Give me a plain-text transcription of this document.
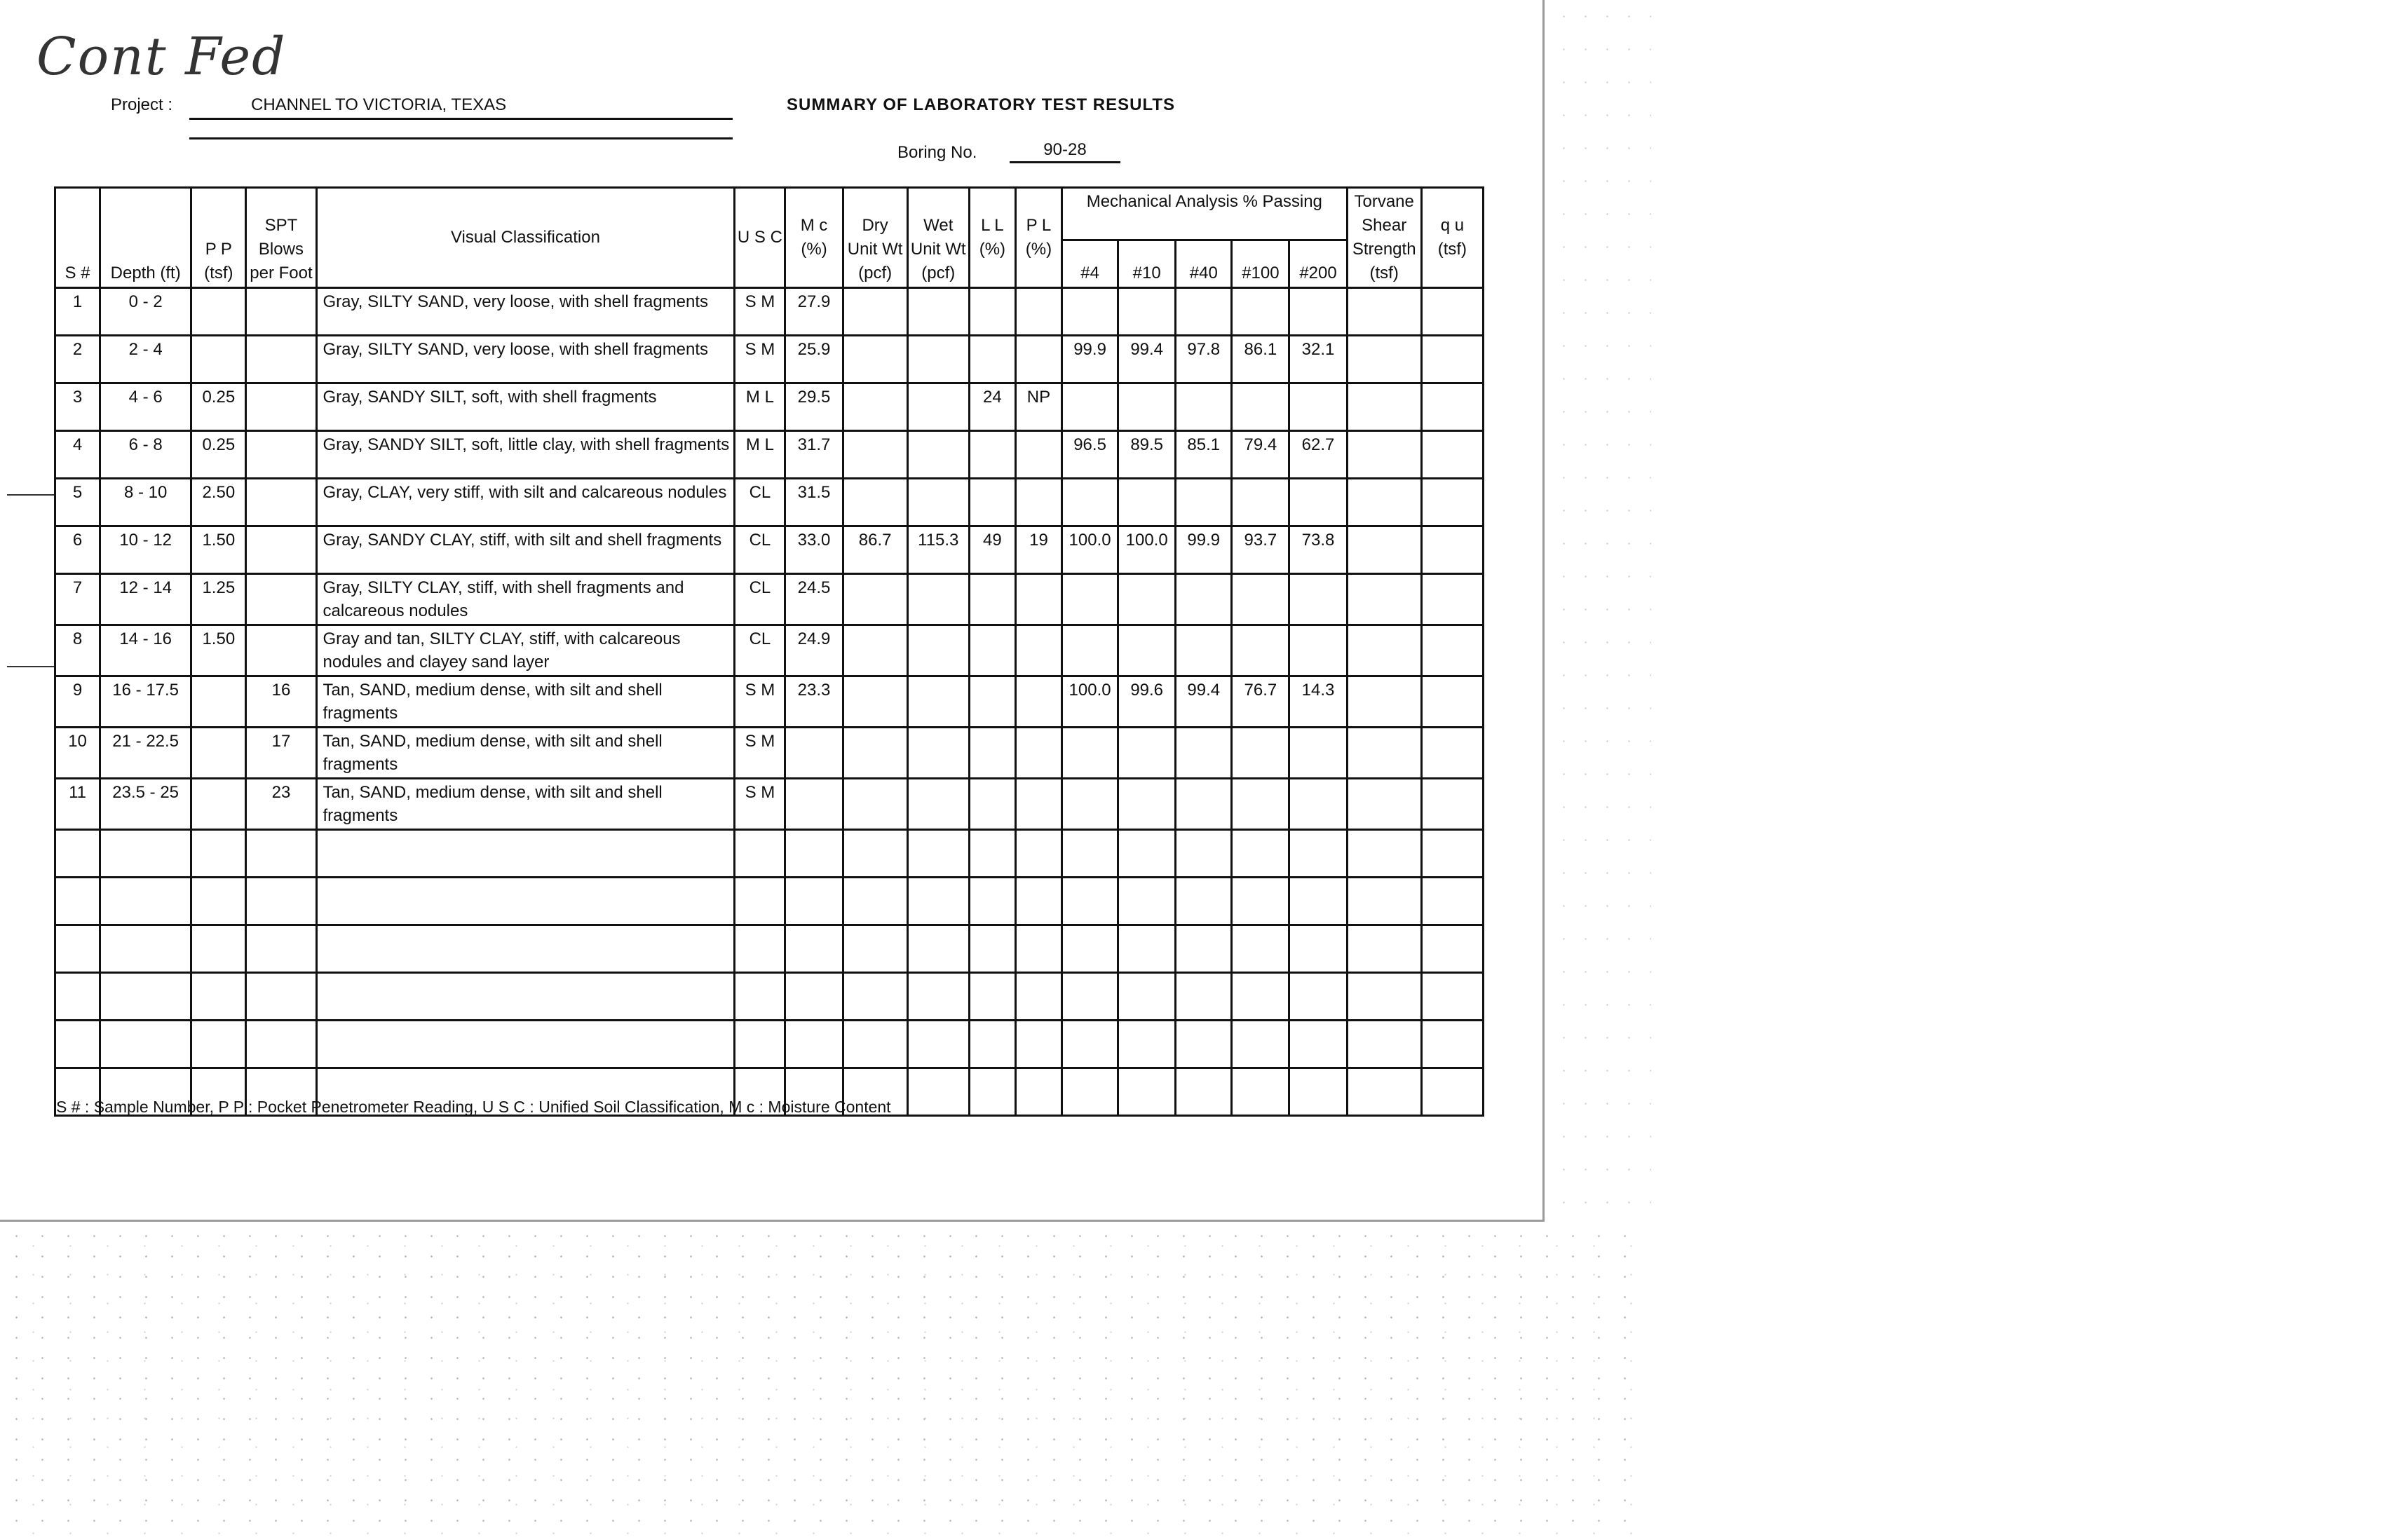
Cont Fed
Project :	CHANNEL TO VICTORIA, TEXAS	SUMMARY OF LABORATORY TEST RESULTS
Boring No.	90-28
S #	Depth (ft)	P P (tsf)	SPT Blows per Foot	Visual Classification	U S C	M c (%)	Dry Unit Wt (pcf)	Wet Unit Wt (pcf)	L L (%)	P L (%)	Mechanical Analysis % Passing					Torvane Shear Strength (tsf)	q u (tsf)
											#4	#10	#40	#100	#200		
1	0 - 2			Gray, SILTY SAND, very loose, with shell fragments	S M	27.9											
2	2 - 4			Gray, SILTY SAND, very loose, with shell fragments	S M	25.9					99.9	99.4	97.8	86.1	32.1		
3	4 - 6	0.25		Gray, SANDY SILT, soft, with shell fragments	M L	29.5			24	NP							
4	6 - 8	0.25		Gray, SANDY SILT, soft, little clay, with shell fragments	M L	31.7					96.5	89.5	85.1	79.4	62.7		
5	8 - 10	2.50		Gray, CLAY, very stiff, with silt and calcareous nodules	CL	31.5											
6	10 - 12	1.50		Gray, SANDY CLAY, stiff, with silt and shell fragments	CL	33.0	86.7	115.3	49	19	100.0	100.0	99.9	93.7	73.8		
7	12 - 14	1.25		Gray, SILTY CLAY, stiff, with shell fragments and calcareous nodules	CL	24.5											
8	14 - 16	1.50		Gray and tan, SILTY CLAY, stiff, with calcareous nodules and clayey sand layer	CL	24.9											
9	16 - 17.5		16	Tan, SAND, medium dense, with silt and shell fragments	S M	23.3					100.0	99.6	99.4	76.7	14.3		
10	21 - 22.5		17	Tan, SAND, medium dense, with silt and shell fragments	S M												
11	23.5 - 25		23	Tan, SAND, medium dense, with silt and shell fragments	S M												

S # : Sample Number, P P : Pocket Penetrometer Reading, U S C : Unified Soil Classification, M c : Moisture Content
